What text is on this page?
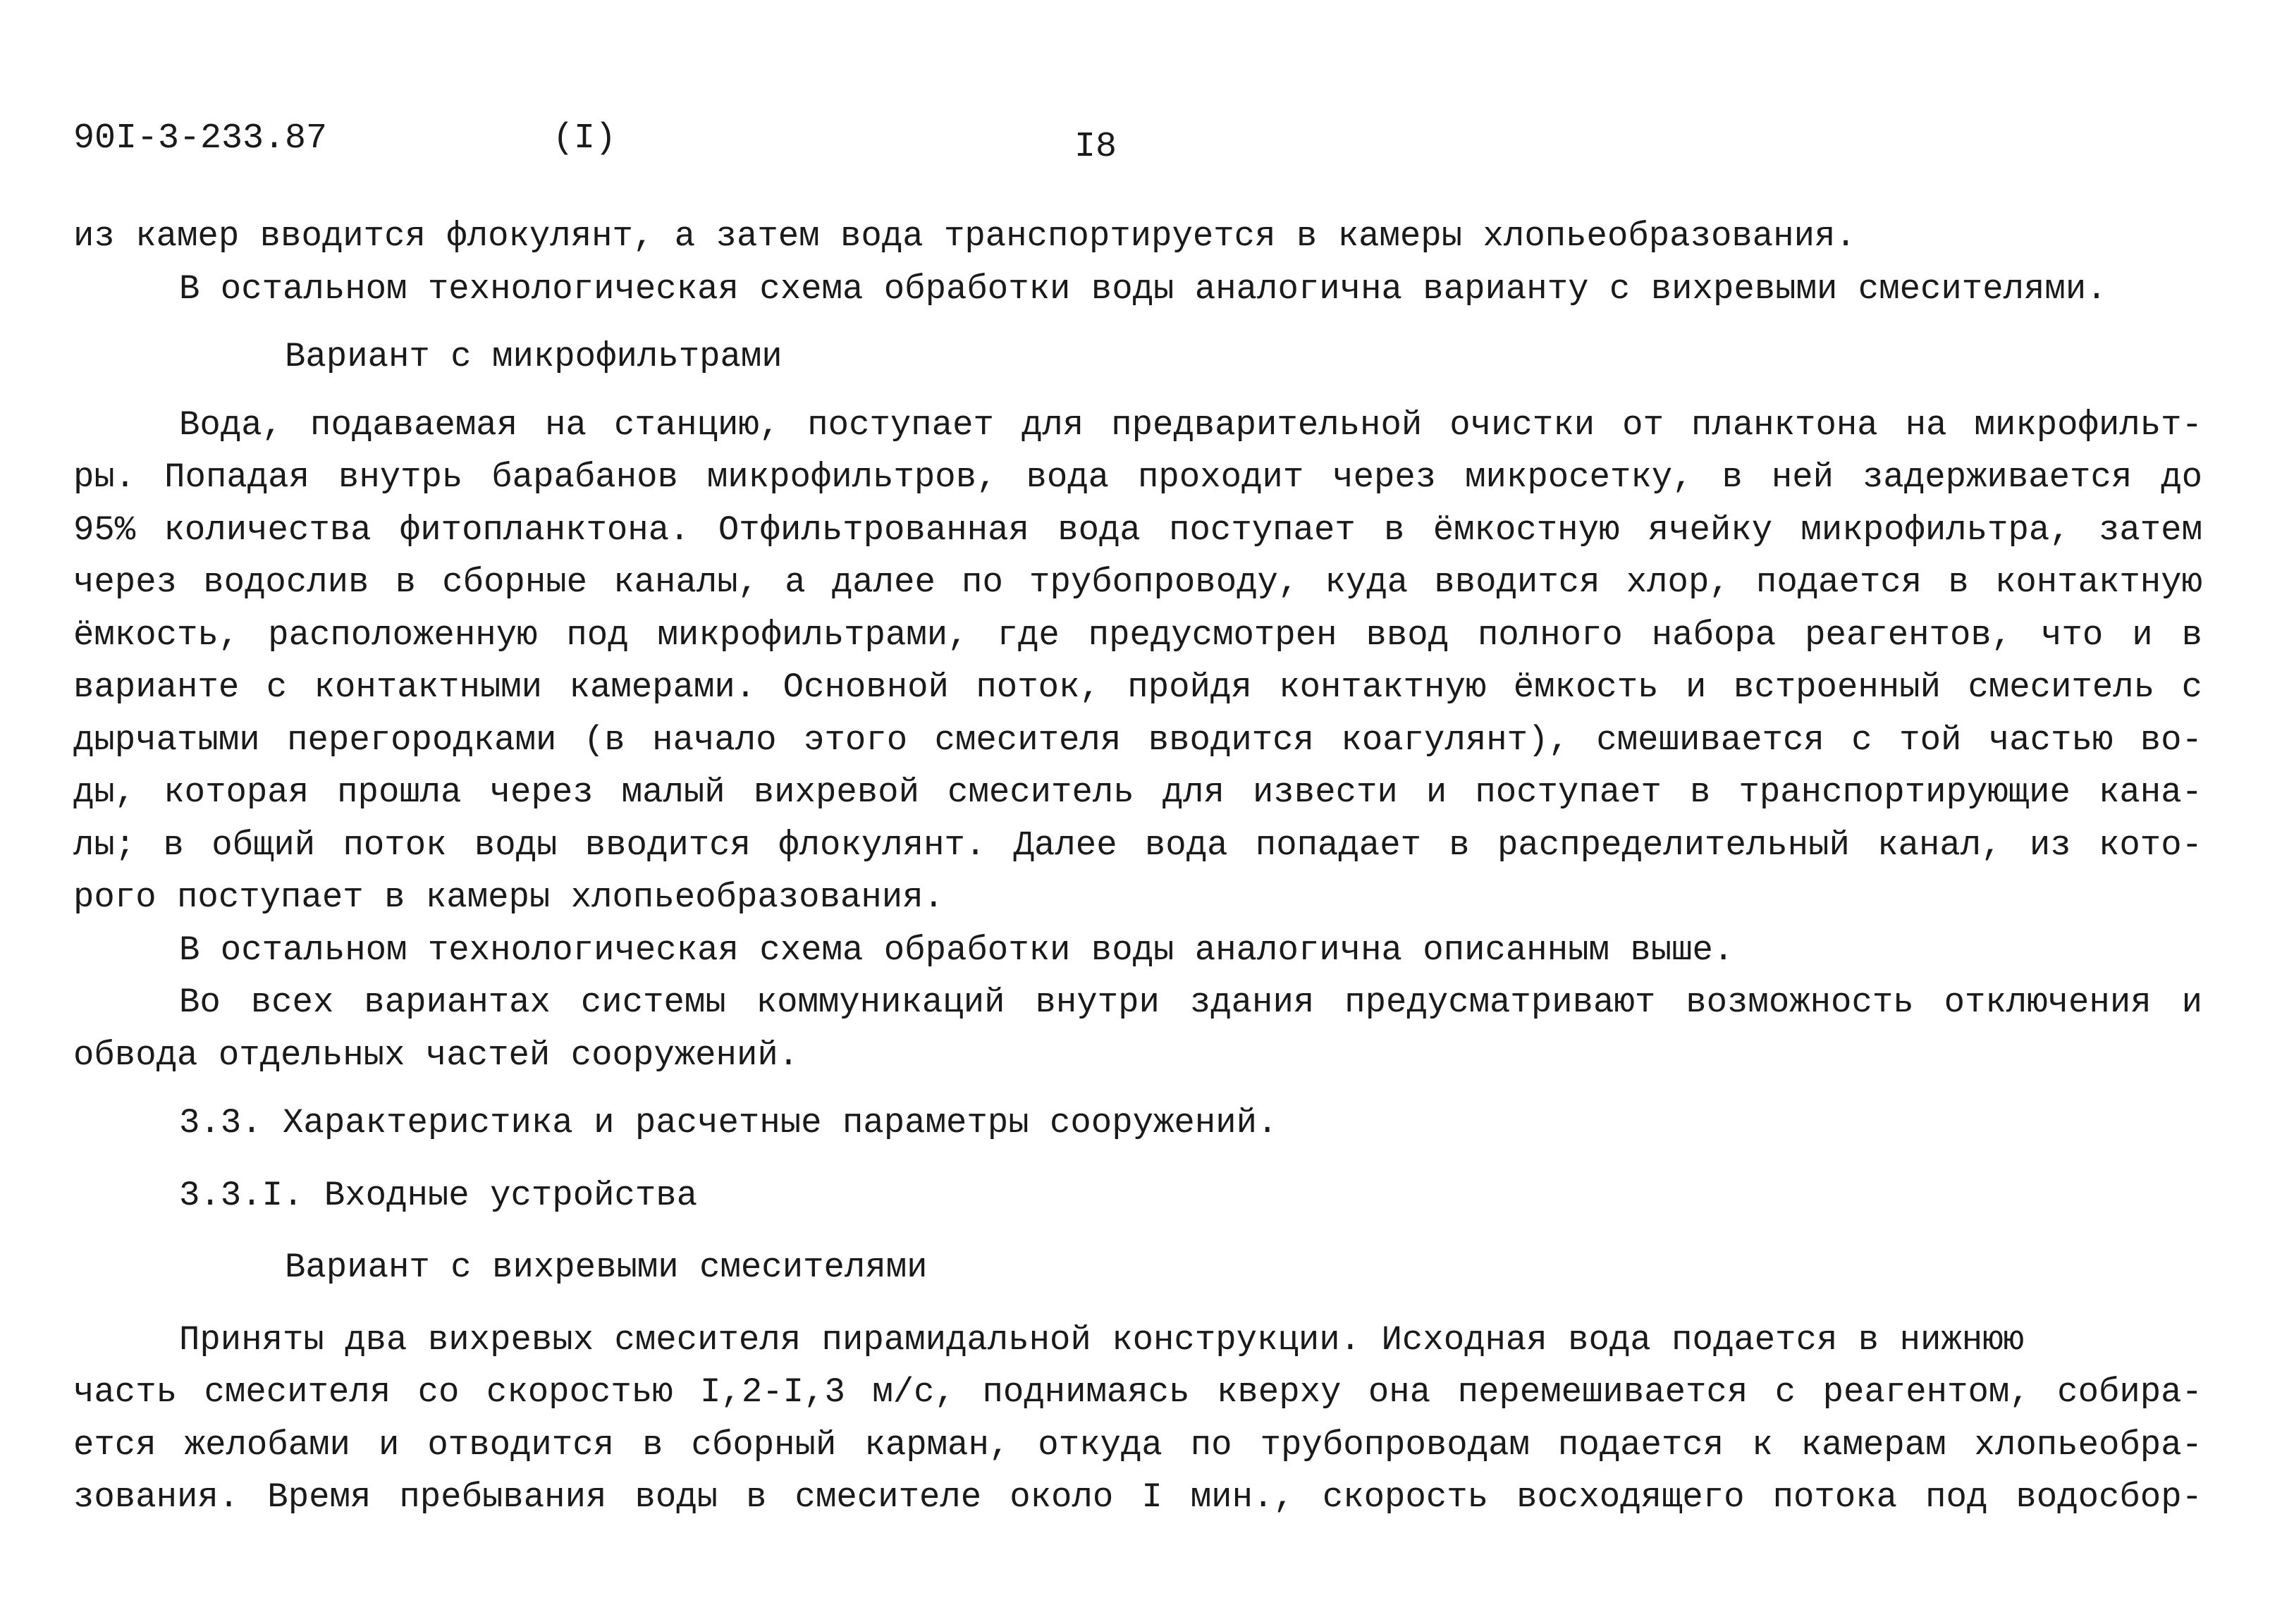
90I-3-233.87	(I)	I8
из камер вводится флокулянт, а затем вода транспортируется в камеры хлопьеобразования.
В остальном технологическая схема обработки воды аналогична варианту с вихревыми смесителями.
Вариант с микрофильтрами
Вода, подаваемая на станцию, поступает для предварительной очистки от планктона на микрофильт-
ры. Попадая внутрь барабанов микрофильтров, вода проходит через микросетку, в ней задерживается до
95% количества фитопланктона. Отфильтрованная вода поступает в ёмкостную ячейку микрофильтра, затем
через водослив в сборные каналы, а далее по трубопроводу, куда вводится хлор, подается в контактную
ёмкость, расположенную под микрофильтрами, где предусмотрен ввод полного набора реагентов, что и в
варианте с контактными камерами. Основной поток, пройдя контактную ёмкость и встроенный смеситель с
дырчатыми перегородками (в начало этого смесителя вводится коагулянт), смешивается с той частью во-
ды, которая прошла через малый вихревой смеситель для извести и поступает в транспортирующие кана-
лы; в общий поток воды вводится флокулянт. Далее вода попадает в распределительный канал, из кото-
рого поступает в камеры хлопьеобразования.
В остальном технологическая схема обработки воды аналогична описанным выше.
Во всех вариантах системы коммуникаций внутри здания предусматривают возможность отключения и
обвода отдельных частей сооружений.
3.3. Характеристика и расчетные параметры сооружений.
3.3.I. Входные устройства
Вариант с вихревыми смесителями
Приняты два вихревых смесителя пирамидальной конструкции. Исходная вода подается в нижнюю
часть смесителя со скоростью I,2-I,3 м/с, поднимаясь кверху она перемешивается с реагентом, собира-
ется желобами и отводится в сборный карман, откуда по трубопроводам подается к камерам хлопьеобра-
зования. Время пребывания воды в смесителе около I мин., скорость восходящего потока под водосбор-
